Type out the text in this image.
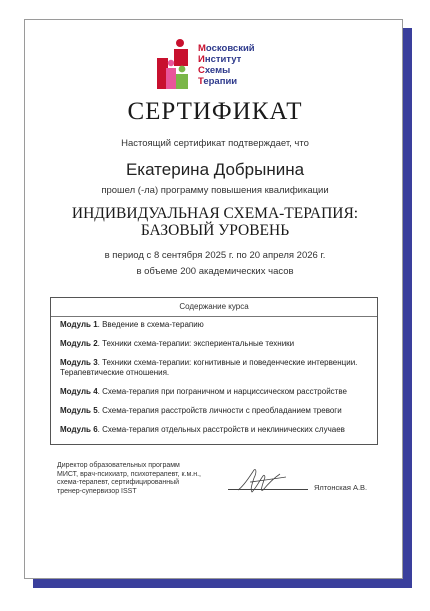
Московский
Институт
Схемы
Терапии
СЕРТИФИКАТ
Настоящий сертификат подтверждает, что
Екатерина Добрынина
прошел (-ла) программу повышения квалификации
ИНДИВИДУАЛЬНАЯ СХЕМА-ТЕРАПИЯ:
БАЗОВЫЙ УРОВЕНЬ
в период с 8 сентября 2025 г. по 20 апреля 2026 г.
в объеме 200 академических часов
Содержание курса
Модуль 1. Введение в схема-терапию
Модуль 2. Техники схема-терапии: экспериентальные техники
Модуль 3. Техники схема-терапии: когнитивные и поведенческие интервенции. Терапевтические отношения.
Модуль 4. Схема-терапия при пограничном и нарциссическом расстройстве
Модуль 5. Схема-терапия расстройств личности с преобладанием тревоги
Модуль 6. Схема-терапия отдельных расстройств и неклинических случаев
Директор образовательных программ
МИСТ, врач-психиатр, психотерапевт, к.м.н.,
схема-терапевт, сертифицированный
тренер-супервизор ISST	Ялтонская А.В.
